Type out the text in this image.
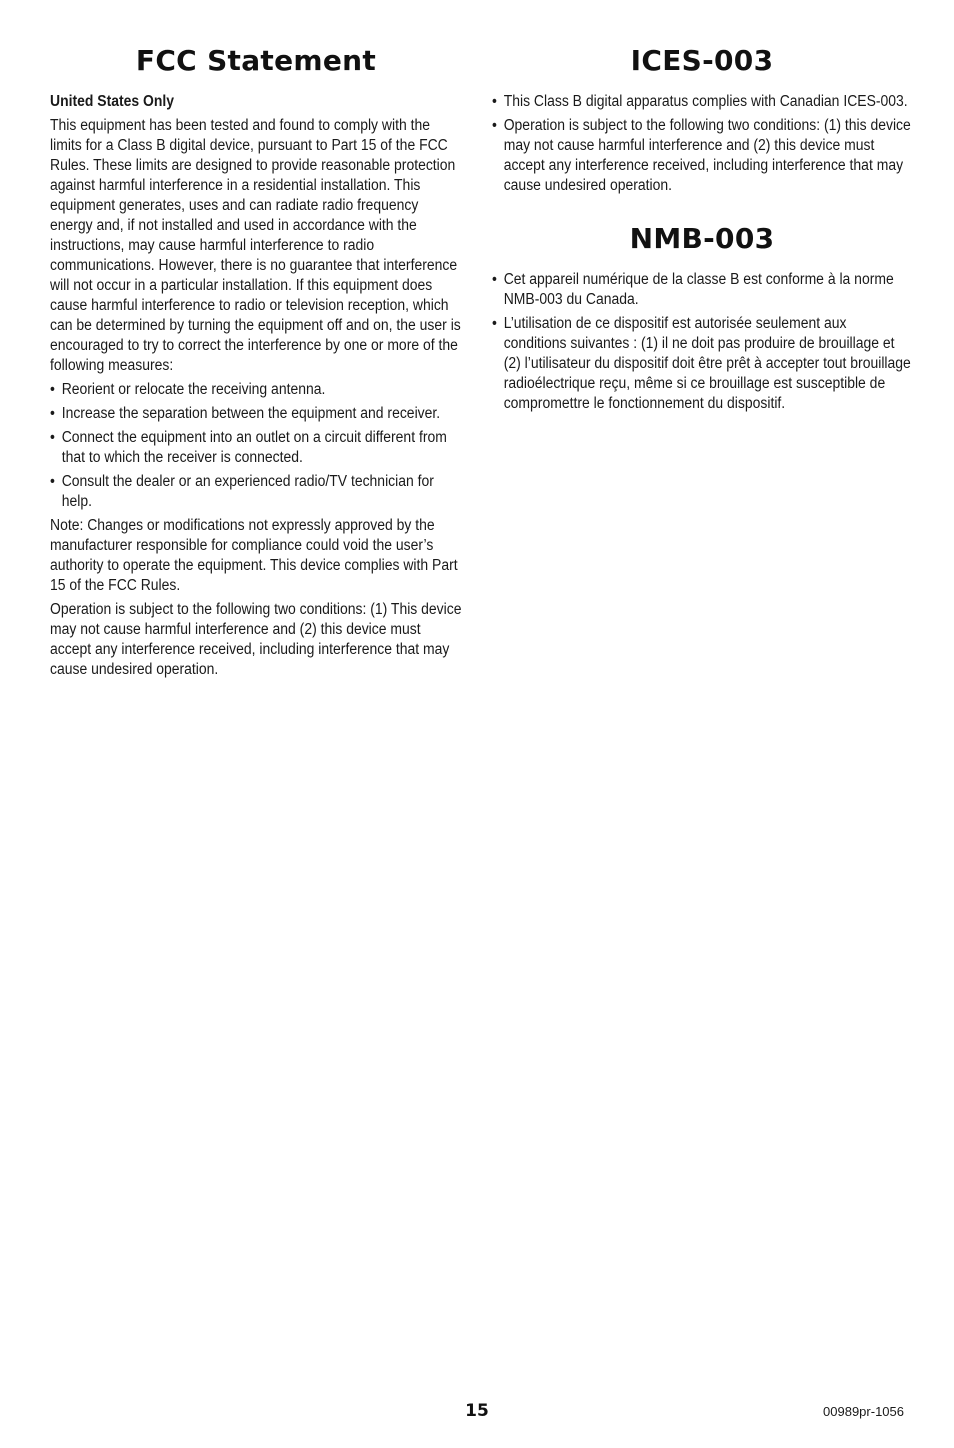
FCC Statement

United States Only

This equipment has been tested and found to comply with the limits for a Class B digital device, pursuant to Part 15 of the FCC Rules. These limits are designed to provide reasonable protection against harmful interference in a residential installation. This equipment generates, uses and can radiate radio frequency energy and, if not installed and used in accordance with the instructions, may cause harmful interference to radio communications. However, there is no guarantee that interference will not occur in a particular installation. If this equipment does cause harmful interference to radio or television reception, which can be determined by turning the equipment off and on, the user is encouraged to try to correct the interference by one or more of the following measures:

• Reorient or relocate the receiving antenna.
• Increase the separation between the equipment and receiver.
• Connect the equipment into an outlet on a circuit different from that to which the receiver is connected.
• Consult the dealer or an experienced radio/TV technician for help.

Note: Changes or modifications not expressly approved by the manufacturer responsible for compliance could void the user’s authority to operate the equipment. This device complies with Part 15 of the FCC Rules.

Operation is subject to the following two conditions: (1) This device may not cause harmful interference and (2) this device must accept any interference received, including interference that may cause undesired operation.

ICES-003
• This Class B digital apparatus complies with Canadian ICES-003.
• Operation is subject to the following two conditions: (1) this device may not cause harmful interference and (2) this device must accept any interference received, including interference that may cause undesired operation.
NMB-003
• Cet appareil numérique de la classe B est conforme à la norme NMB-003 du Canada.
• L’utilisation de ce dispositif est autorisée seulement aux conditions suivantes : (1) il ne doit pas produire de brouillage et (2) l’utilisateur du dispositif doit être prêt à accepter tout brouillage radioélectrique reçu, même si ce brouillage est susceptible de compromettre le fonctionnement du dispositif.
15	00989pr-1056
